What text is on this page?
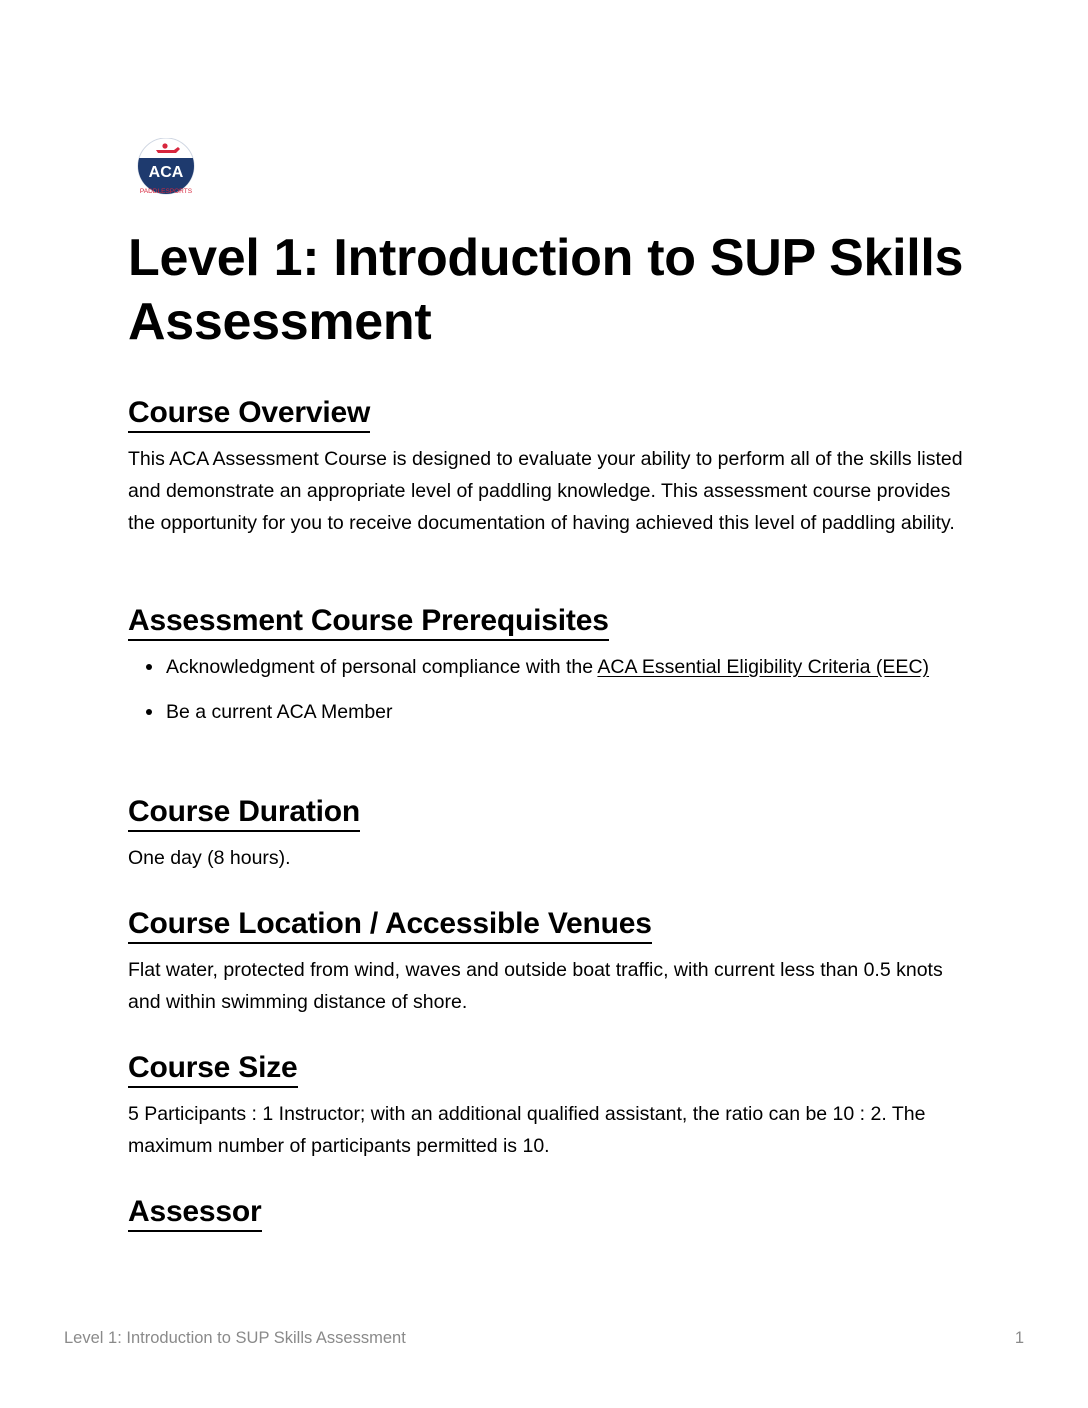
ACA
PADDLESPORTS
Level 1: Introduction to SUP Skills Assessment
Course Overview

This ACA Assessment Course is designed to evaluate your ability to perform all of the skills listed and demonstrate an appropriate level of paddling knowledge. This assessment course provides the opportunity for you to receive documentation of having achieved this level of paddling ability.

Assessment Course Prerequisites
Acknowledgment of personal compliance with the ACA Essential Eligibility Criteria (EEC)
Be a current ACA Member
Course Duration

One day (8 hours).

Course Location / Accessible Venues

Flat water, protected from wind, waves and outside boat traffic, with current less than 0.5 knots and within swimming distance of shore.

Course Size

5 Participants : 1 Instructor; with an additional qualified assistant, the ratio can be 10 : 2. The maximum number of participants permitted is 10.

Assessor
Level 1: Introduction to SUP Skills Assessment	1
